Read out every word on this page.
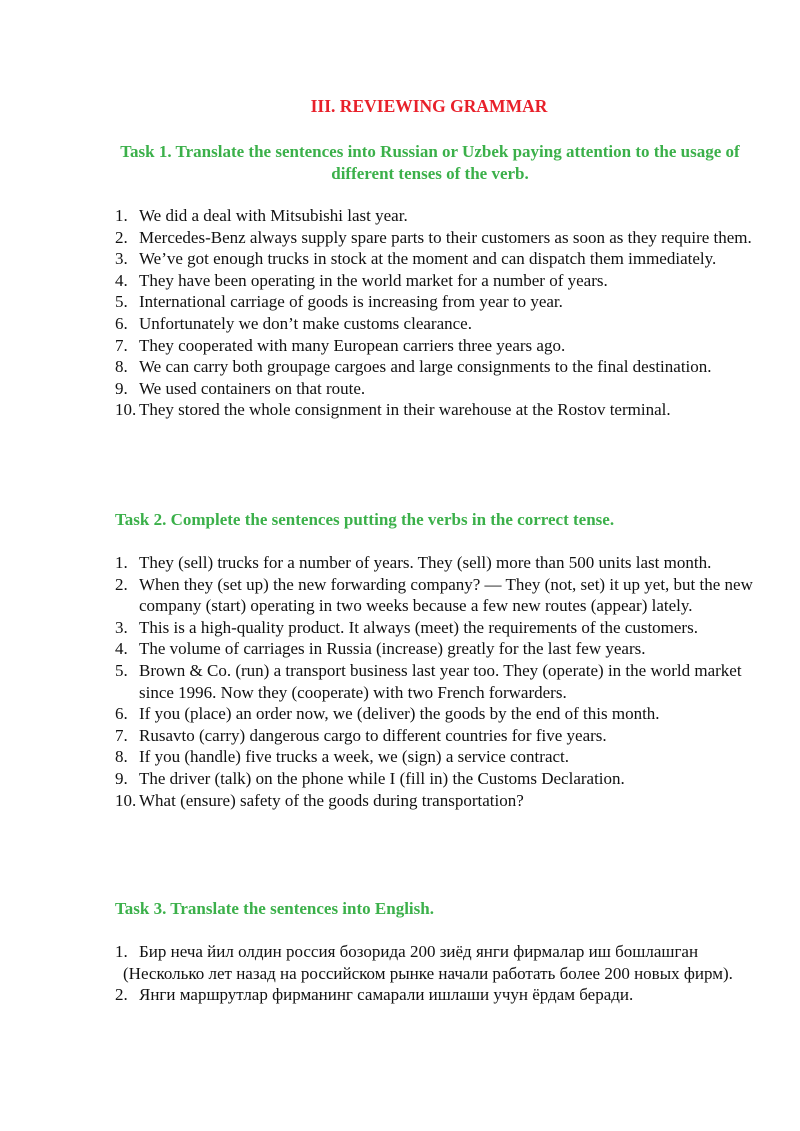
III. REVIEWING GRAMMAR
Task 1. Translate the sentences into Russian or Uzbek paying attention to the usage of different tenses of the verb.
1. We did a deal with Mitsubishi last year.
2. Mercedes-Benz always supply spare parts to their customers as soon as they require them.
3. We’ve got enough trucks in stock at the moment and can dispatch them immediately.
4. They have been operating in the world market for a number of years.
5. International carriage of goods is increasing from year to year.
6. Unfortunately we don’t make customs clearance.
7. They cooperated with many European carriers three years ago.
8. We can carry both groupage cargoes and large consignments to the final destination.
9. We used containers on that route.
10. They stored the whole consignment in their warehouse at the Rostov terminal.
Task 2. Complete the sentences putting the verbs in the correct tense.
1. They (sell) trucks for a number of years. They (sell) more than 500 units last month.
2. When they (set up) the new forwarding company? — They (not, set) it up yet, but the new company (start) operating in two weeks because a few new routes (appear) lately.
3. This is a high-quality product. It always (meet) the requirements of the customers.
4. The volume of carriages in Russia (increase) greatly for the last few years.
5. Brown & Co. (run) a transport business last year too. They (operate) in the world market since 1996. Now they (cooperate) with two French forwarders.
6. If you (place) an order now, we (deliver) the goods by the end of this month.
7. Rusavto (carry) dangerous cargo to different countries for five years.
8. If you (handle) five trucks a week, we (sign) a service contract.
9. The driver (talk) on the phone while I (fill in) the Customs Declaration.
10. What (ensure) safety of the goods during transportation?
Task 3. Translate the sentences into English.
1. Бир неча йил олдин россия бозорида 200 зиёд янги фирмалар иш бошлашган
(Несколько лет назад на российском рынке начали работать более 200 новых фирм).
2. Янги маршрутлар фирманинг самарали ишлаши учун ёрдам беради.
